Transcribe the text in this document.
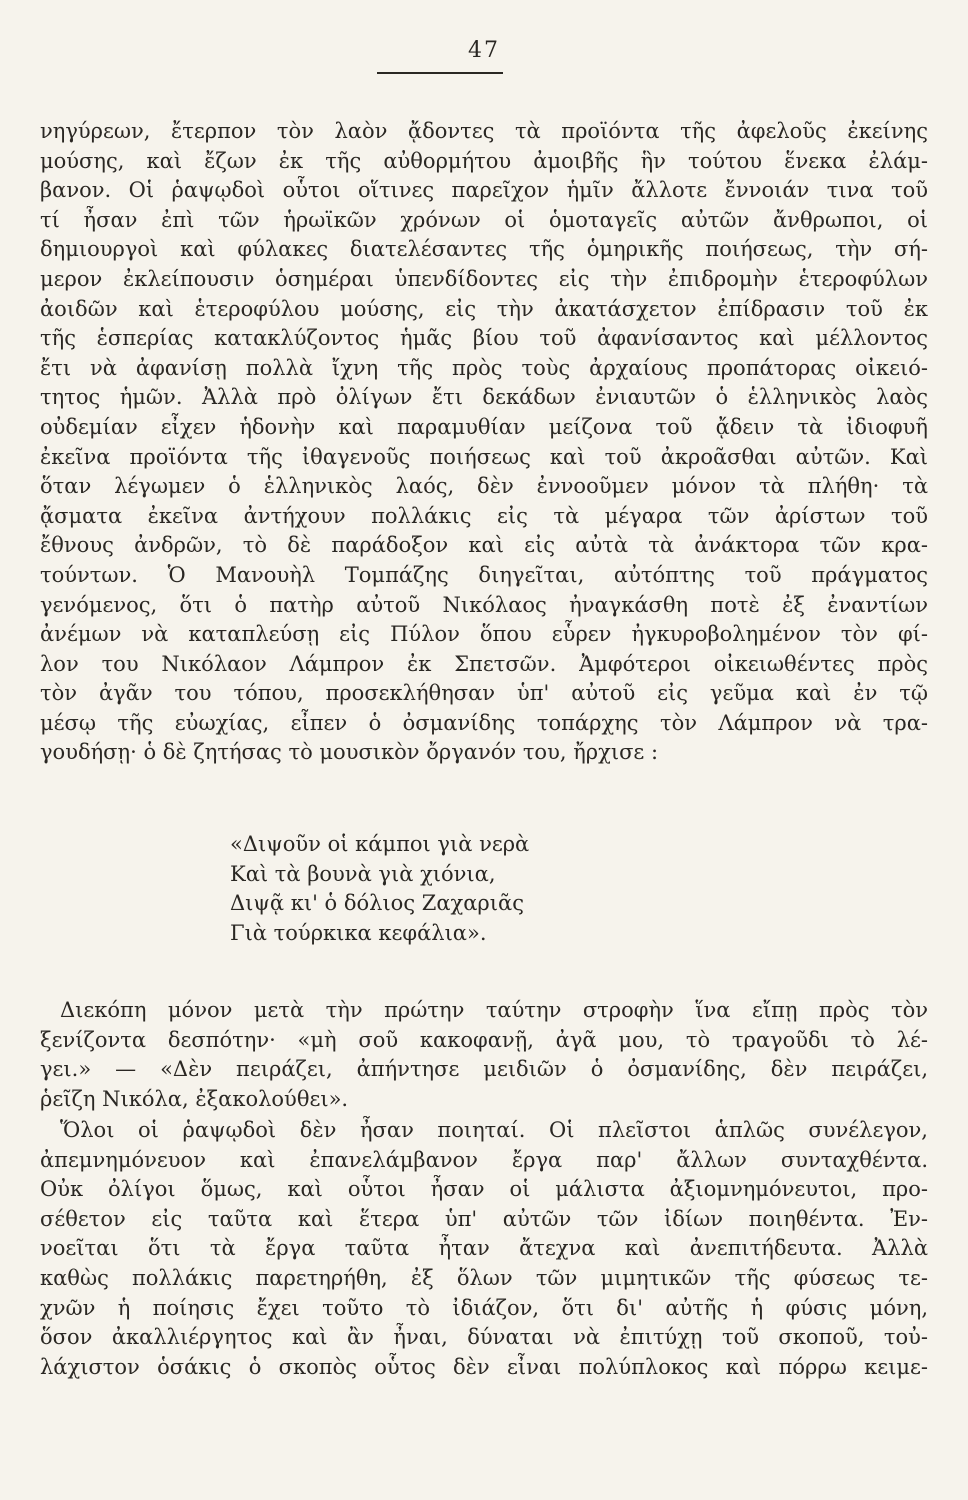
47
νηγύρεων, ἔτερπον τὸν λαὸν ᾄδοντες τὰ προϊόντα τῆς ἀφελοῦς ἐκείνης
μούσης, καὶ ἔζων ἐκ τῆς αὐθορμήτου ἀμοιβῆς ἣν τούτου ἕνεκα ἐλάμ-
βανον. Οἱ ῥαψῳδοὶ οὗτοι οἵτινες παρεῖχον ἡμῖν ἄλλοτε ἔννοιάν τινα τοῦ
τί ἦσαν ἐπὶ τῶν ἡρωϊκῶν χρόνων οἱ ὁμοταγεῖς αὐτῶν ἄνθρωποι, οἱ
δημιουργοὶ καὶ φύλακες διατελέσαντες τῆς ὁμηρικῆς ποιήσεως, τὴν σή-
μερον ἐκλείπουσιν ὁσημέραι ὑπενδίδοντες εἰς τὴν ἐπιδρομὴν ἑτεροφύλων
ἀοιδῶν καὶ ἑτεροφύλου μούσης, εἰς τὴν ἀκατάσχετον ἐπίδρασιν τοῦ ἐκ
τῆς ἑσπερίας κατακλύζοντος ἡμᾶς βίου τοῦ ἀφανίσαντος καὶ μέλλοντος
ἔτι νὰ ἀφανίσῃ πολλὰ ἴχνη τῆς πρὸς τοὺς ἀρχαίους προπάτορας οἰκειό-
τητος ἡμῶν. Ἀλλὰ πρὸ ὀλίγων ἔτι δεκάδων ἐνιαυτῶν ὁ ἑλληνικὸς λαὸς
οὐδεμίαν εἶχεν ἡδονὴν καὶ παραμυθίαν μείζονα τοῦ ᾄδειν τὰ ἰδιοφυῆ
ἐκεῖνα προϊόντα τῆς ἰθαγενοῦς ποιήσεως καὶ τοῦ ἀκροᾶσθαι αὐτῶν. Καὶ
ὅταν λέγωμεν ὁ ἑλληνικὸς λαός, δὲν ἐννοοῦμεν μόνον τὰ πλήθη· τὰ
ᾄσματα ἐκεῖνα ἀντήχουν πολλάκις εἰς τὰ μέγαρα τῶν ἀρίστων τοῦ
ἔθνους ἀνδρῶν, τὸ δὲ παράδοξον καὶ εἰς αὐτὰ τὰ ἀνάκτορα τῶν κρα-
τούντων. Ὁ Μανουὴλ Τομπάζης διηγεῖται, αὐτόπτης τοῦ πράγματος
γενόμενος, ὅτι ὁ πατὴρ αὐτοῦ Νικόλαος ἠναγκάσθη ποτὲ ἐξ ἐναντίων
ἀνέμων νὰ καταπλεύσῃ εἰς Πύλον ὅπου εὗρεν ἠγκυροβολημένον τὸν φί-
λον του Νικόλαον Λάμπρον ἐκ Σπετσῶν. Ἀμφότεροι οἰκειωθέντες πρὸς
τὸν ἀγᾶν του τόπου, προσεκλήθησαν ὑπ' αὐτοῦ εἰς γεῦμα καὶ ἐν τῷ
μέσῳ τῆς εὐωχίας, εἶπεν ὁ ὀσμανίδης τοπάρχης τὸν Λάμπρον νὰ τρα-
γουδήσῃ· ὁ δὲ ζητήσας τὸ μουσικὸν ὄργανόν του, ἤρχισε :
«Διψοῦν οἱ κάμποι γιὰ νερὰ
Καὶ τὰ βουνὰ γιὰ χιόνια,
Διψᾷ κι' ὁ δόλιος Ζαχαριᾶς
Γιὰ τούρκικα κεφάλια».
Διεκόπη μόνον μετὰ τὴν πρώτην ταύτην στροφὴν ἵνα εἴπῃ πρὸς τὸν
ξενίζοντα δεσπότην· «μὴ σοῦ κακοφανῇ, ἀγᾶ μου, τὸ τραγοῦδι τὸ λέ-
γει.» — «Δὲν πειράζει, ἀπήντησε μειδιῶν ὁ ὀσμανίδης, δὲν πειράζει,
ῥεῖζη Νικόλα, ἐξακολούθει».
Ὅλοι οἱ ῥαψῳδοὶ δὲν ἦσαν ποιηταί. Οἱ πλεῖστοι ἁπλῶς συνέλεγον,
ἀπεμνημόνευον καὶ ἐπανελάμβανον ἔργα παρ' ἄλλων συνταχθέντα.
Οὐκ ὀλίγοι ὅμως, καὶ οὗτοι ἦσαν οἱ μάλιστα ἀξιομνημόνευτοι, προ-
σέθετον εἰς ταῦτα καὶ ἕτερα ὑπ' αὐτῶν τῶν ἰδίων ποιηθέντα. Ἐν-
νοεῖται ὅτι τὰ ἔργα ταῦτα ἦταν ἄτεχνα καὶ ἀνεπιτήδευτα. Ἀλλὰ
καθὼς πολλάκις παρετηρήθη, ἐξ ὅλων τῶν μιμητικῶν τῆς φύσεως τε-
χνῶν ἡ ποίησις ἔχει τοῦτο τὸ ἰδιάζον, ὅτι δι' αὐτῆς ἡ φύσις μόνη,
ὅσον ἀκαλλιέργητος καὶ ἂν ἦναι, δύναται νὰ ἐπιτύχῃ τοῦ σκοποῦ, τοὐ-
λάχιστον ὁσάκις ὁ σκοπὸς οὗτος δὲν εἶναι πολύπλοκος καὶ πόρρω κειμε-
